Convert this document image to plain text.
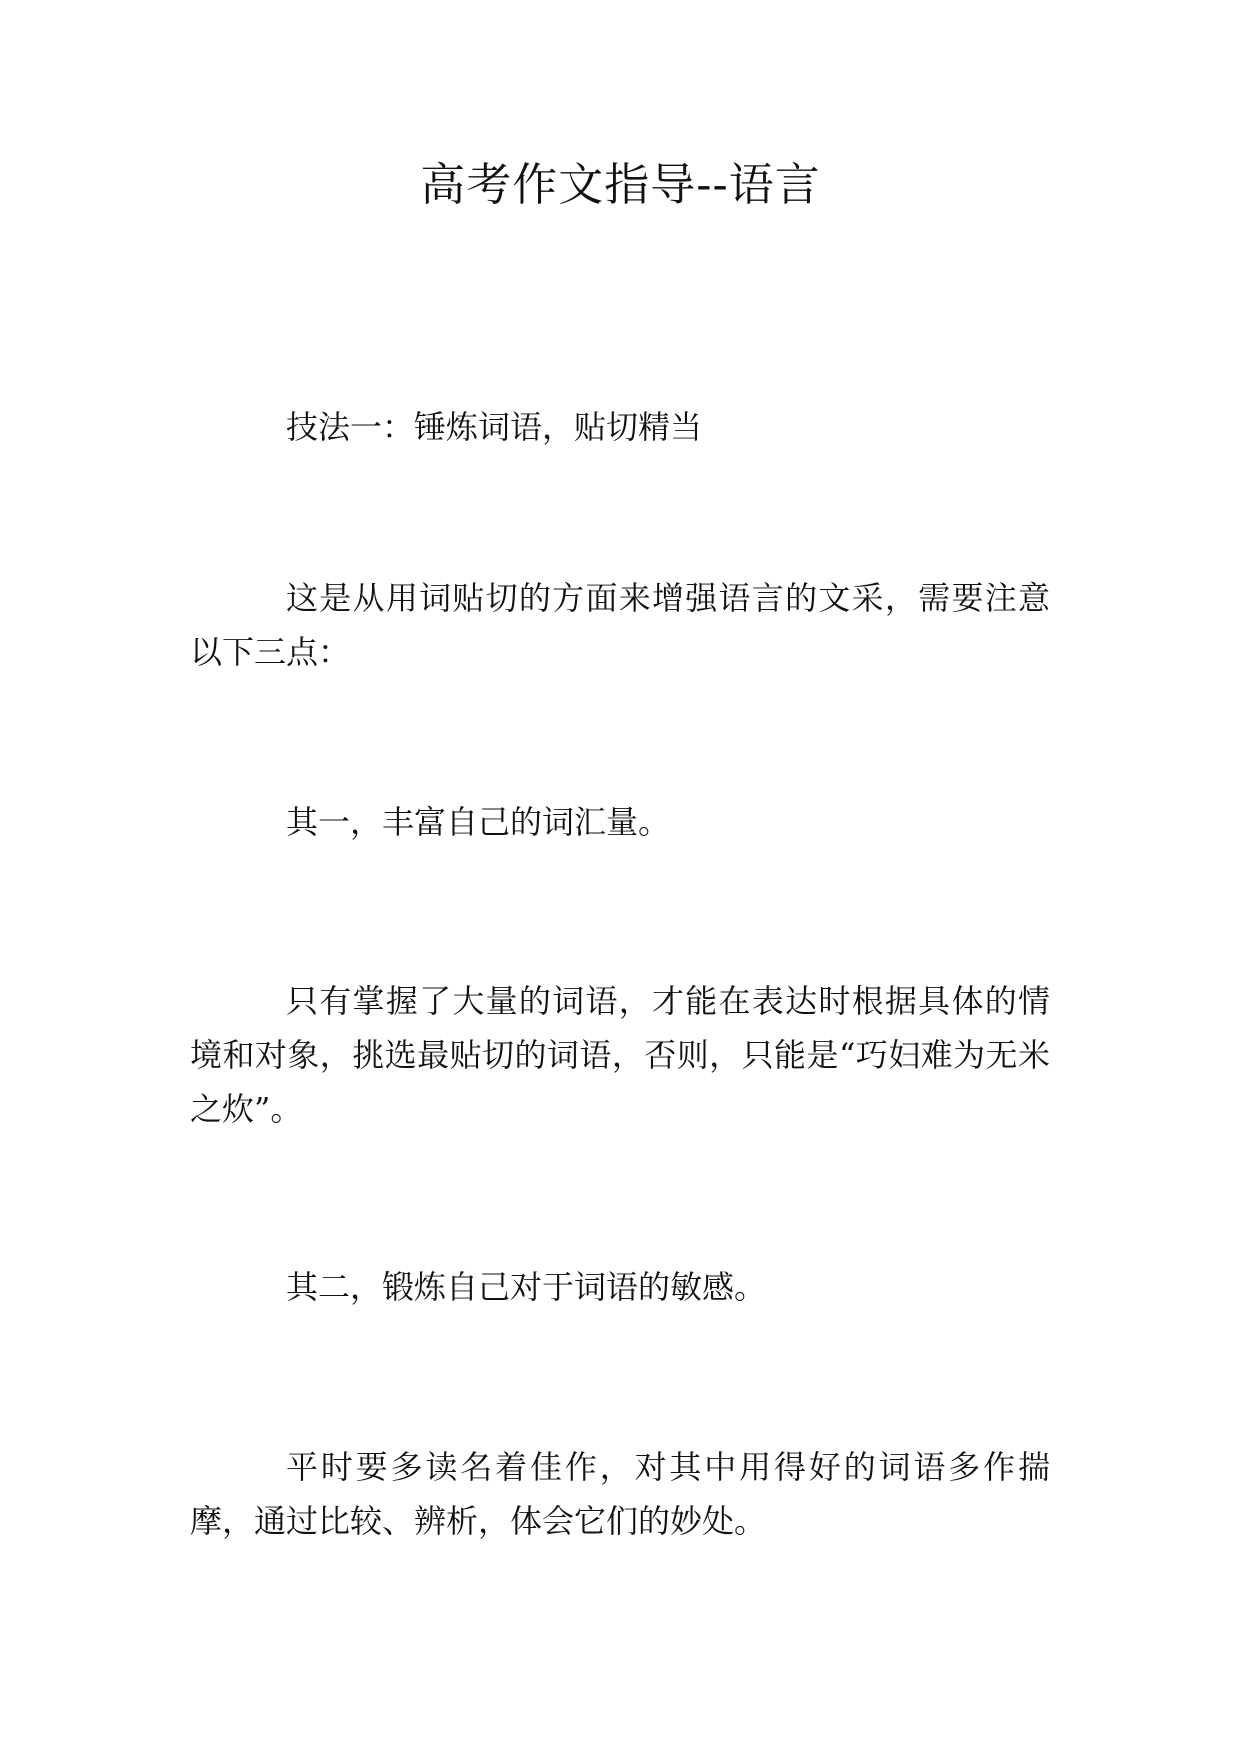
高考作文指导--语言

技法一：锤炼词语，贴切精当

这是从用词贴切的方面来增强语言的文采，需要注意以下三点：

其一，丰富自己的词汇量。

只有掌握了大量的词语，才能在表达时根据具体的情境和对象，挑选最贴切的词语，否则，只能是“巧妇难为无米之炊”。

其二，锻炼自己对于词语的敏感。

平时要多读名着佳作，对其中用得好的词语多作揣摩，通过比较、辨析，体会它们的妙处。
